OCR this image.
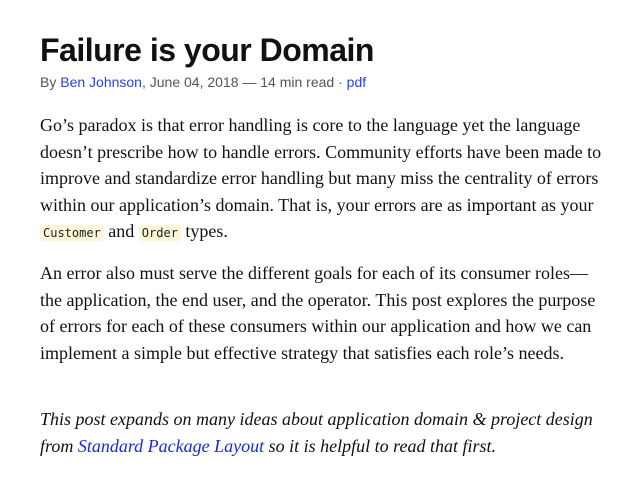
Failure is your Domain
By Ben Johnson, June 04, 2018 — 14 min read · pdf

Go’s paradox is that error handling is core to the language yet the language doesn’t prescribe how to handle errors. Community efforts have been made to improve and standardize error handling but many miss the centrality of errors within our application’s domain. That is, your errors are as important as your Customer and Order types.

An error also must serve the different goals for each of its consumer roles—the application, the end user, and the operator. This post explores the purpose of errors for each of these consumers within our application and how we can implement a simple but effective strategy that satisfies each role’s needs.

This post expands on many ideas about application domain & project design from Standard Package Layout so it is helpful to read that first.
